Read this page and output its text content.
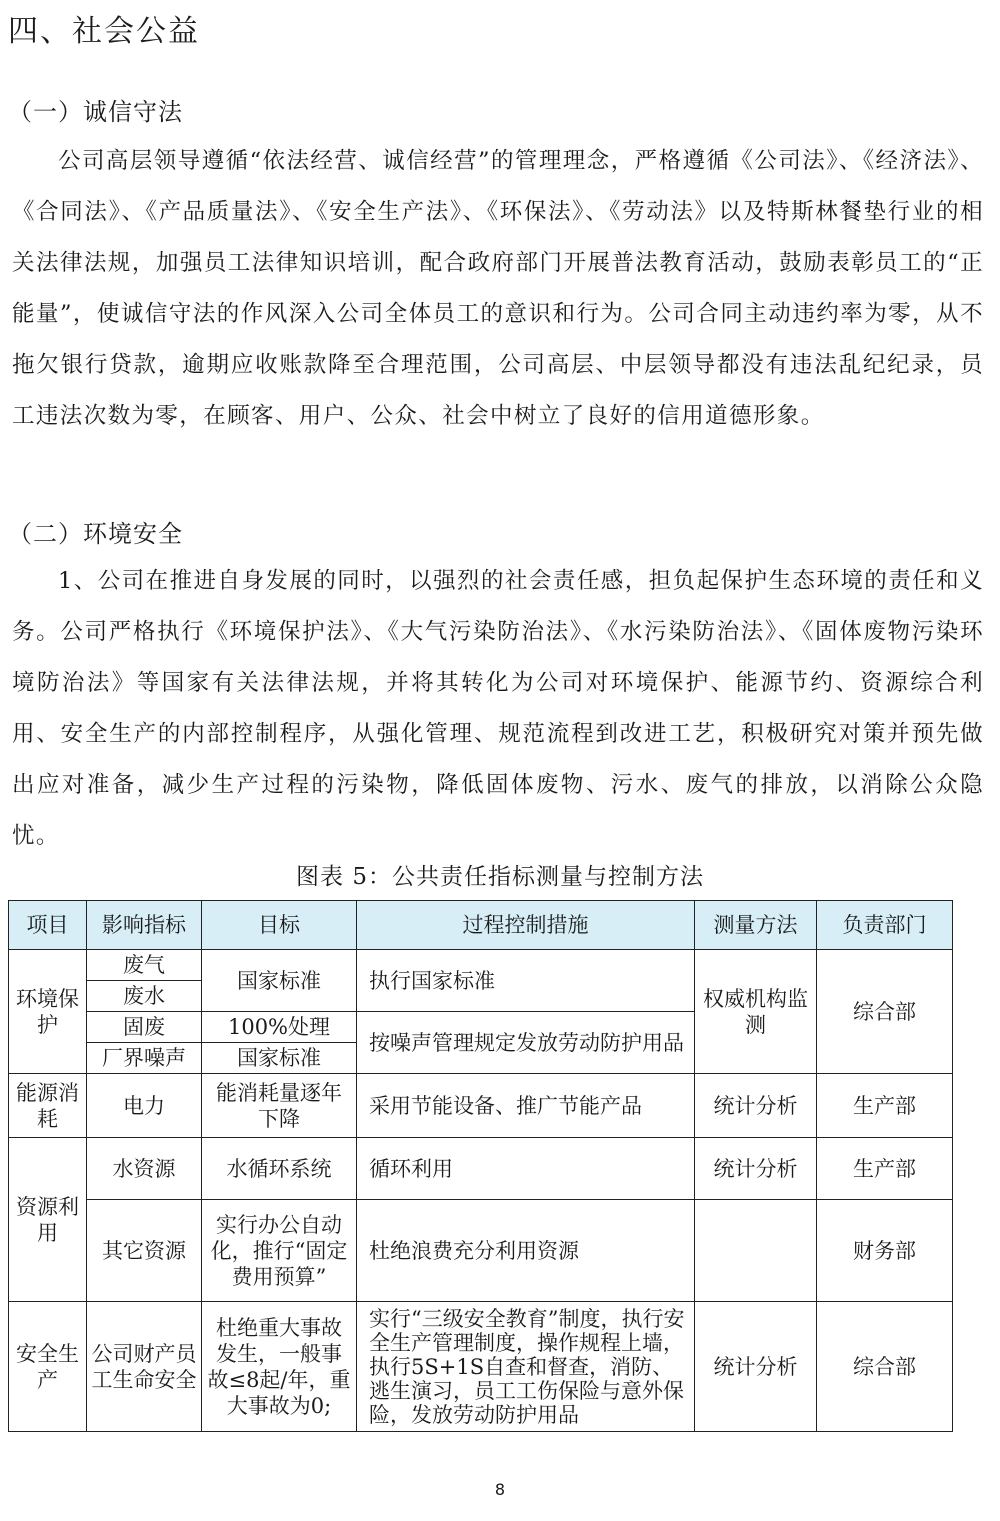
四、社会公益
（一）诚信守法

公司高层领导遵循“依法经营、诚信经营”的管理理念，严格遵循《公司法》、《经济法》、《合同法》、《产品质量法》、《安全生产法》、《环保法》、《劳动法》以及特斯林餐垫行业的相关法律法规，加强员工法律知识培训，配合政府部门开展普法教育活动，鼓励表彰员工的“正能量”，使诚信守法的作风深入公司全体员工的意识和行为。公司合同主动违约率为零，从不拖欠银行贷款，逾期应收账款降至合理范围，公司高层、中层领导都没有违法乱纪纪录，员工违法次数为零，在顾客、用户、公众、社会中树立了良好的信用道德形象。

（二）环境安全

1、公司在推进自身发展的同时，以强烈的社会责任感，担负起保护生态环境的责任和义务。公司严格执行《环境保护法》、《大气污染防治法》、《水污染防治法》、《固体废物污染环境防治法》等国家有关法律法规，并将其转化为公司对环境保护、能源节约、资源综合利用、安全生产的内部控制程序，从强化管理、规范流程到改进工艺，积极研究对策并预先做出应对准备，减少生产过程的污染物，降低固体废物、污水、废气的排放，以消除公众隐忧。

图表 5：公共责任指标测量与控制方法

项目	影响指标	目标	过程控制措施	测量方法	负责部门
环境保护	废气	国家标准	执行国家标准	权威机构监测	综合部
	废水				
	固废	100%处理	按噪声管理规定发放劳动防护用品		
	厂界噪声	国家标准			
能源消耗	电力	能消耗量逐年下降	采用节能设备、推广节能产品	统计分析	生产部
资源利用	水资源	水循环系统	循环利用	统计分析	生产部
	其它资源	实行办公自动化，推行“固定费用预算”	杜绝浪费充分利用资源		财务部
安全生产	公司财产员工生命安全	杜绝重大事故发生，一般事故≤8起/年，重大事故为0;	实行“三级安全教育”制度，执行安全生产管理制度，操作规程上墙，执行5S+1S自查和督查，消防、逃生演习，员工工伤保险与意外保险，发放劳动防护用品	统计分析	综合部
8
